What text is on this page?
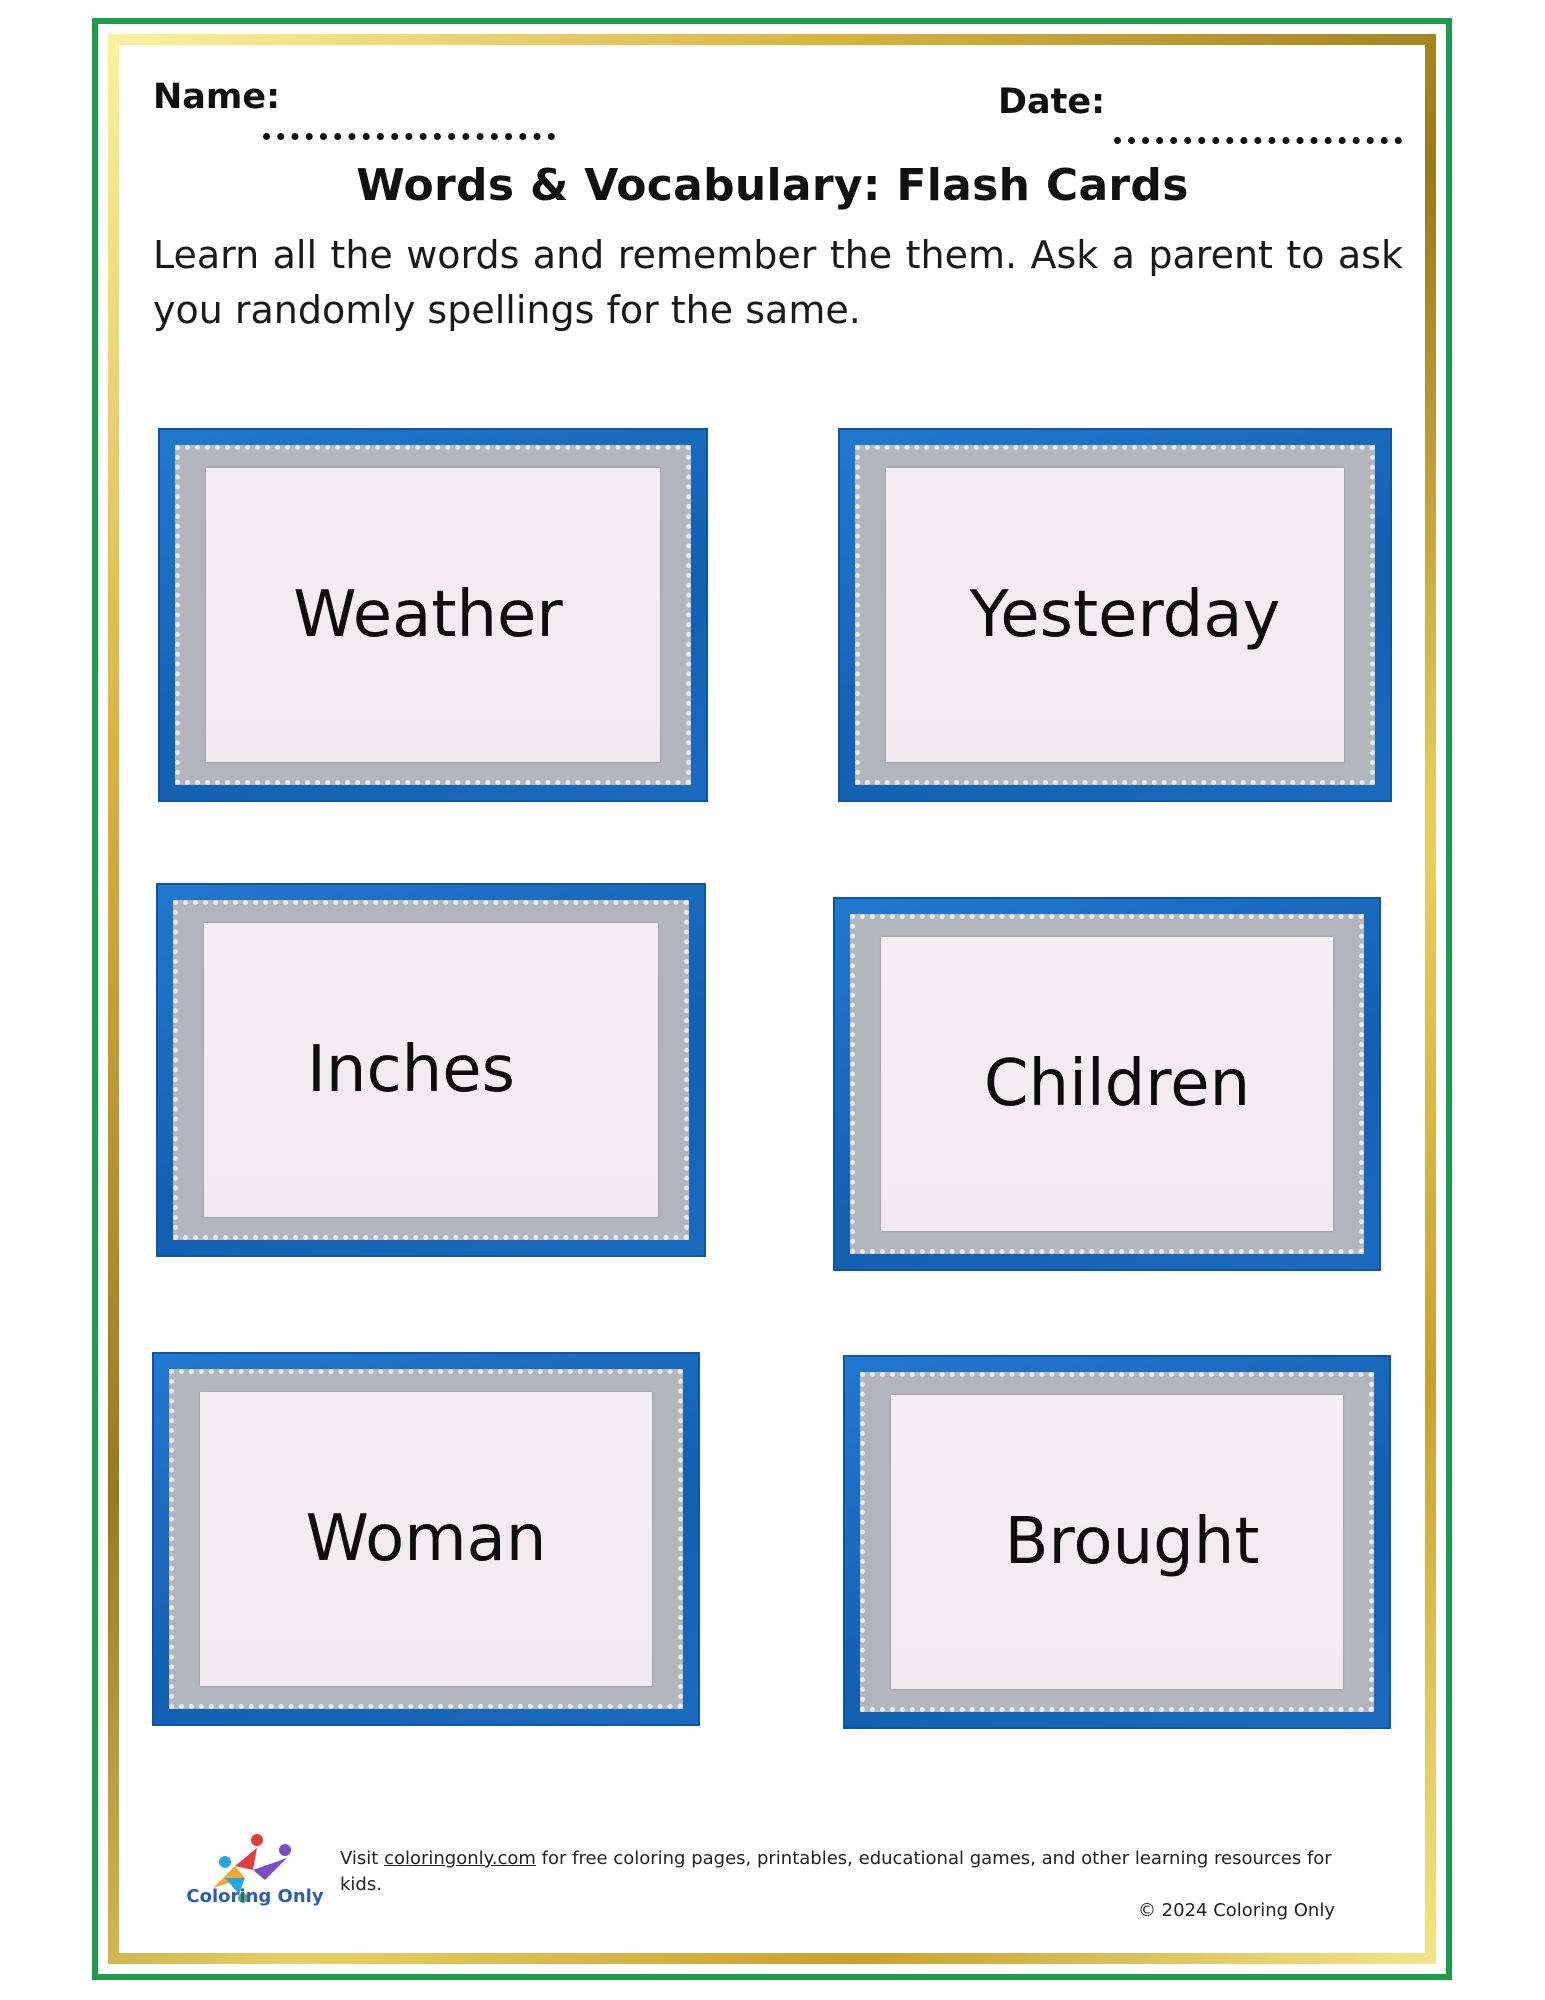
Name:	Date:
Words & Vocabulary: Flash Cards
Learn all the words and remember the them. Ask a parent to ask you randomly spellings for the same.
Weather	Yesterday
Inches	Children
Woman	Brought
Coloring Only
Visit coloringonly.com for free coloring pages, printables, educational games, and other learning resources for kids.
© 2024 Coloring Only
